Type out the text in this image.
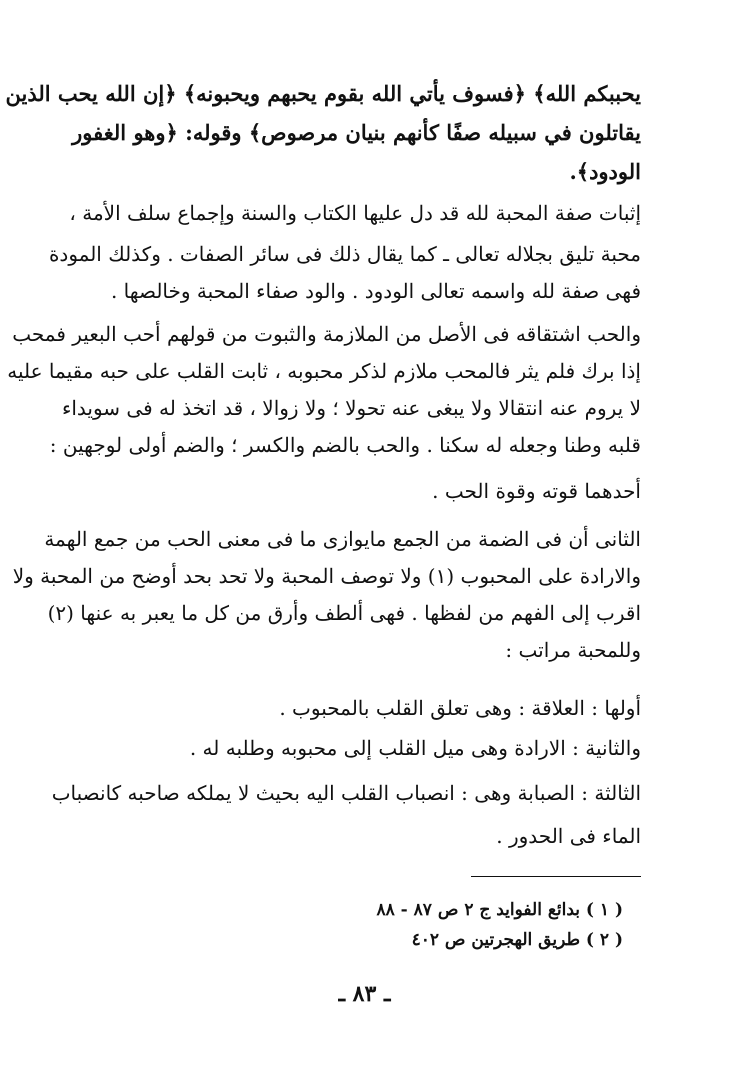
يحببكم الله﴾ ﴿فسوف يأتي الله بقوم يحبهم ويحبونه﴾ ﴿إن الله يحب الذين
يقاتلون في سبيله صفًا كأنهم بنيان مرصوص﴾ وقوله: ﴿وهو الغفور
الودود﴾.
إثبات صفة المحبة لله قد دل عليها الكتاب والسنة وإجماع سلف الأمة ،
محبة تليق بجلاله تعالى ـ كما يقال ذلك فى سائر الصفات . وكذلك المودة
فهى صفة لله واسمه تعالى الودود . والود صفاء المحبة وخالصها .
والحب اشتقاقه فى الأصل من الملازمة والثبوت من قولهم أحب البعير فمحب
إذا برك فلم يثر فالمحب ملازم لذكر محبوبه ، ثابت القلب على حبه مقيما عليه
لا يروم عنه انتقالا ولا يبغى عنه تحولا ؛ ولا زوالا ، قد اتخذ له فى سويداء
قلبه وطنا وجعله له سكنا . والحب بالضم والكسر ؛ والضم أولى لوجهين :
أحدهما قوته وقوة الحب .
الثانى أن فى الضمة من الجمع مايوازى ما فى معنى الحب من جمع الهمة
والارادة على المحبوب (١) ولا توصف المحبة ولا تحد بحد أوضح من المحبة ولا
اقرب إلى الفهم من لفظها . فهى ألطف وأرق من كل ما يعبر به عنها (٢)
وللمحبة مراتب :
أولها : العلاقة : وهى تعلق القلب بالمحبوب .
والثانية : الارادة وهى ميل القلب إلى محبوبه وطلبه له .
الثالثة : الصبابة وهى : انصباب القلب اليه بحيث لا يملكه صاحبه كانصباب
الماء فى الحدور .
( ١ ) بدائع الفوايد ج ٢ ص ٨٧ - ٨٨
( ٢ ) طريق الهجرتين ص ٤٠٢
ـ ٨٣ ـ
